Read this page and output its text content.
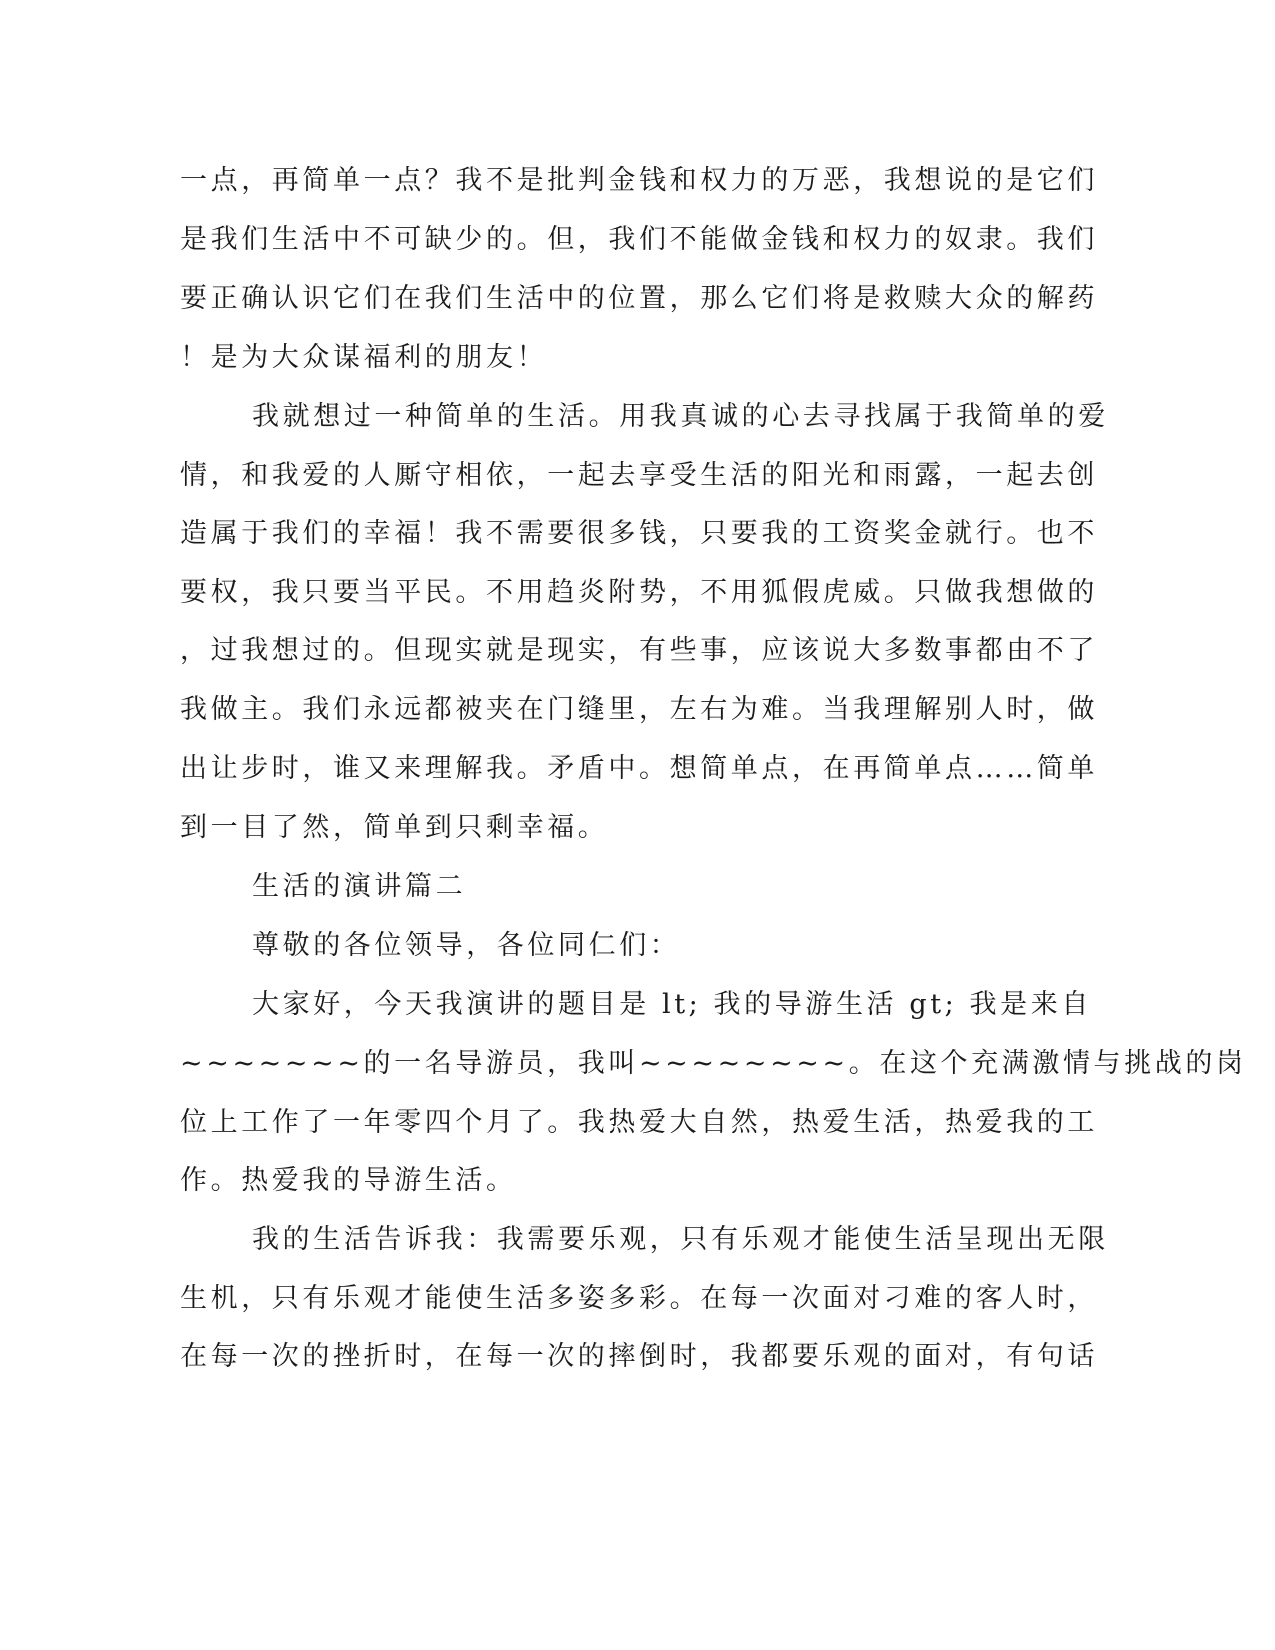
一点，再简单一点？我不是批判金钱和权力的万恶，我想说的是它们
是我们生活中不可缺少的。但，我们不能做金钱和权力的奴隶。我们
要正确认识它们在我们生活中的位置，那么它们将是救赎大众的解药
！是为大众谋福利的朋友！
我就想过一种简单的生活。用我真诚的心去寻找属于我简单的爱
情，和我爱的人厮守相依，一起去享受生活的阳光和雨露，一起去创
造属于我们的幸福！我不需要很多钱，只要我的工资奖金就行。也不
要权，我只要当平民。不用趋炎附势，不用狐假虎威。只做我想做的
，过我想过的。但现实就是现实，有些事，应该说大多数事都由不了
我做主。我们永远都被夹在门缝里，左右为难。当我理解别人时，做
出让步时，谁又来理解我。矛盾中。想简单点，在再简单点……简单
到一目了然，简单到只剩幸福。
生活的演讲篇二
尊敬的各位领导，各位同仁们：
大家好，今天我演讲的题目是 lt; 我的导游生活 gt; 我是来自
~~~~~~~的一名导游员，我叫~~~~~~~~。在这个充满激情与挑战的岗
位上工作了一年零四个月了。我热爱大自然，热爱生活，热爱我的工
作。热爱我的导游生活。
我的生活告诉我：我需要乐观，只有乐观才能使生活呈现出无限
生机，只有乐观才能使生活多姿多彩。在每一次面对刁难的客人时，
在每一次的挫折时，在每一次的摔倒时，我都要乐观的面对，有句话
